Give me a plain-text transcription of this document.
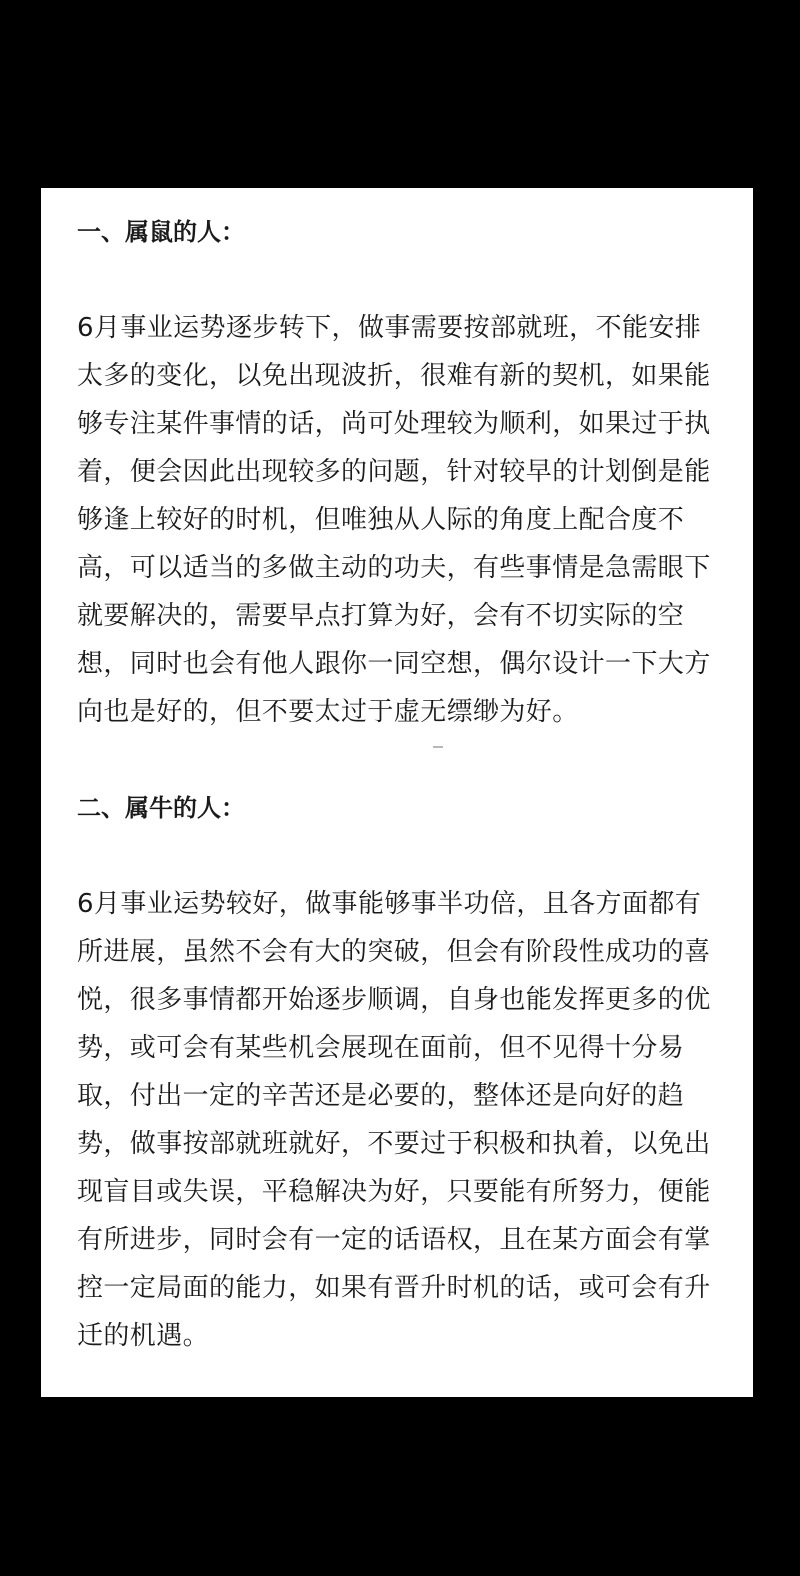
一、属鼠的人：

6月事业运势逐步转下，做事需要按部就班，不能安排太多的变化，以免出现波折，很难有新的契机，如果能够专注某件事情的话，尚可处理较为顺利，如果过于执着，便会因此出现较多的问题，针对较早的计划倒是能够逢上较好的时机，但唯独从人际的角度上配合度不高，可以适当的多做主动的功夫，有些事情是急需眼下就要解决的，需要早点打算为好，会有不切实际的空想，同时也会有他人跟你一同空想，偶尔设计一下大方向也是好的，但不要太过于虚无缥缈为好。

二、属牛的人：

6月事业运势较好，做事能够事半功倍，且各方面都有所进展，虽然不会有大的突破，但会有阶段性成功的喜悦，很多事情都开始逐步顺调，自身也能发挥更多的优势，或可会有某些机会展现在面前，但不见得十分易取，付出一定的辛苦还是必要的，整体还是向好的趋势，做事按部就班就好，不要过于积极和执着，以免出现盲目或失误，平稳解决为好，只要能有所努力，便能有所进步，同时会有一定的话语权，且在某方面会有掌控一定局面的能力，如果有晋升时机的话，或可会有升迁的机遇。
